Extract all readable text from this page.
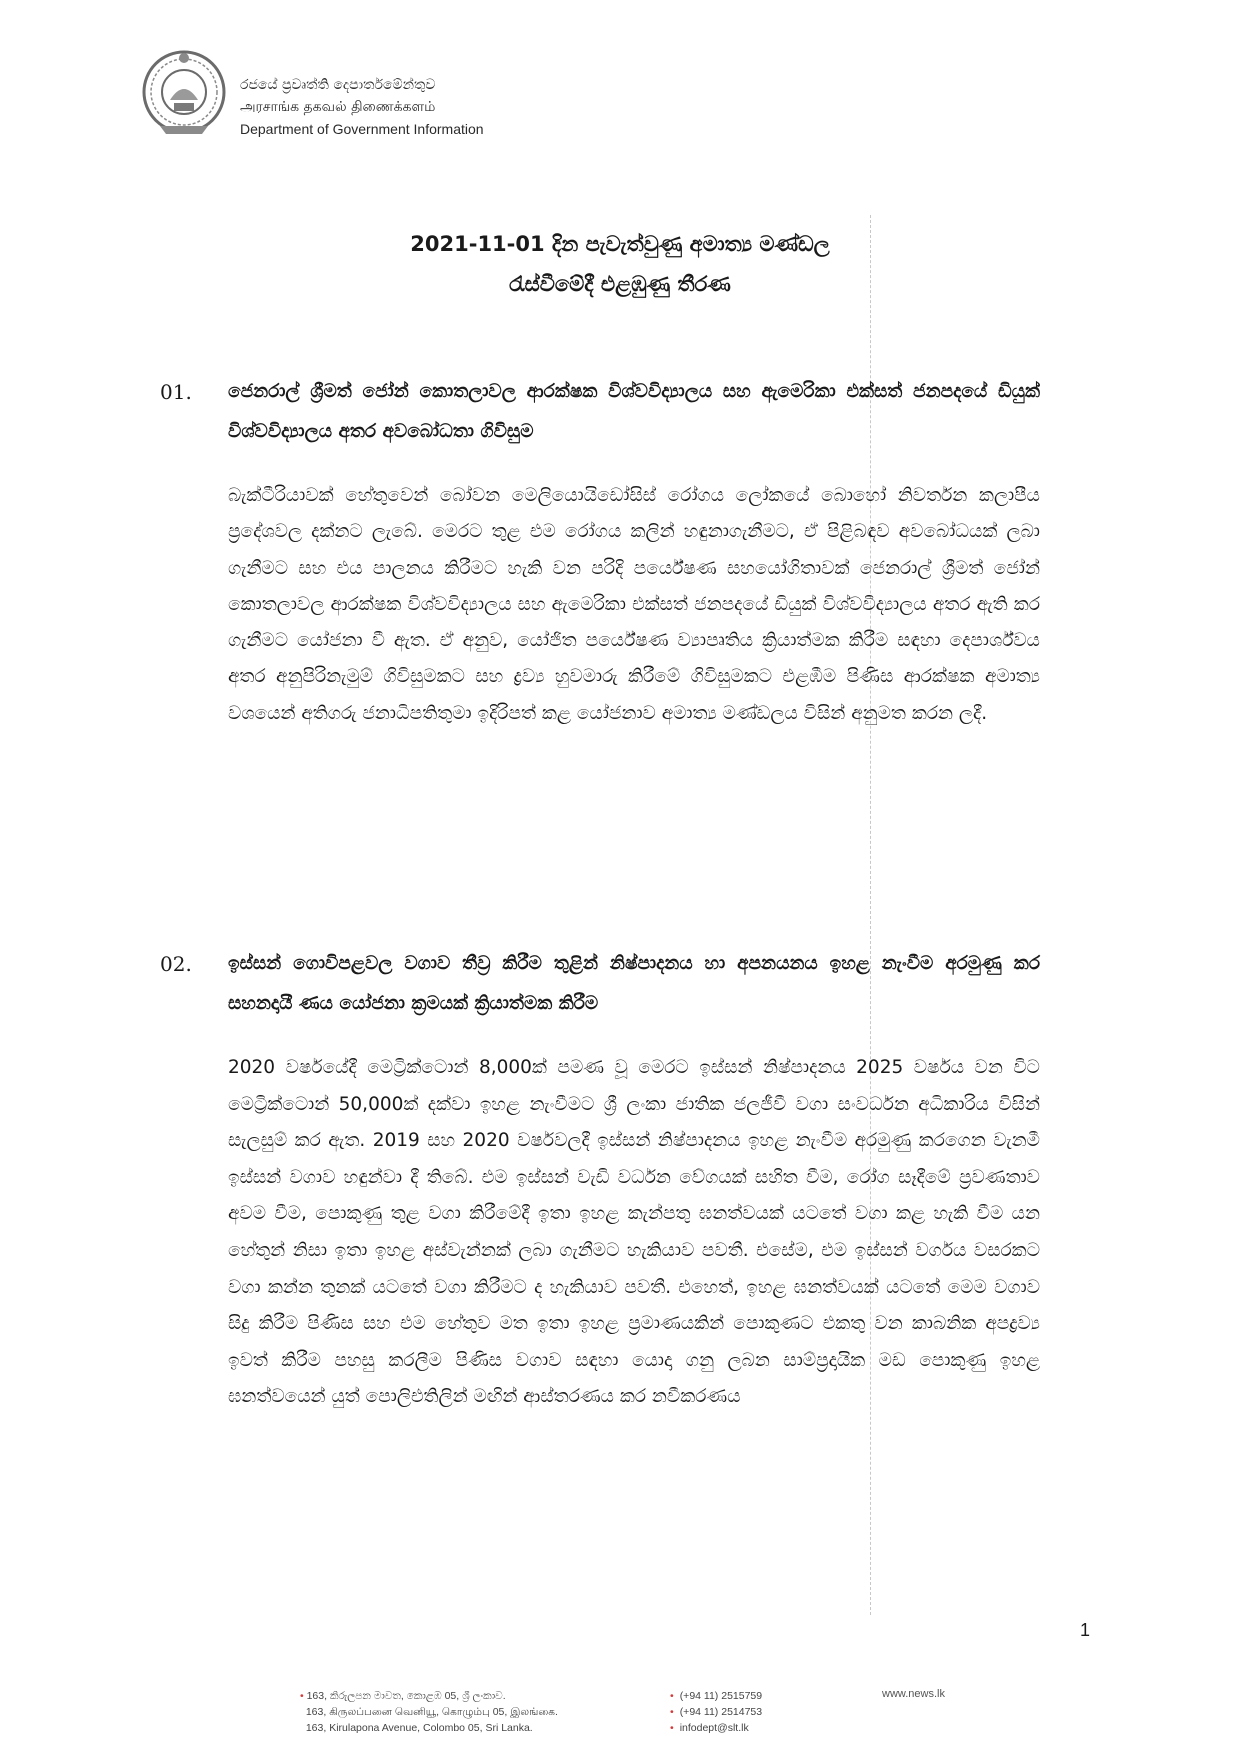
රජයේ ප්‍රවෘත්ති දෙපාර්තමේන්තුව
அரசாங்க தகவல் திணைக்களம்
Department of Government Information
2021-11-01 දින පැවැත්වුණු අමාත්‍ය මණ්ඩල
රැස්වීමේදී එළඹුණු තීරණ
01. ජෙනරාල් ශ්‍රීමත් ජෝන් කොතලාවල ආරක්ෂක විශ්වවිද්‍යාලය සහ ඇමෙරිකා එක්සත් ජනපදයේ ඩියුක් විශ්වවිද්‍යාලය අතර අවබෝධතා ගිවිසුම
බැක්ටීරියාවක් හේතුවෙන් බෝවන මෙලියොයිඩෝසිස් රෝගය ලෝකයේ බොහෝ නිවර්තන කලාපීය ප්‍රදේශවල දක්නට ලැබේ. මෙරට තුළ එම රෝගය කලින් හඳුනාගැනීමට, ඒ පිළිබඳව අවබෝධයක් ලබා ගැනීමට සහ එය පාලනය කිරීමට හැකි වන පරිදි පර්යේෂණ සහයෝගිතාවක් ජෙනරාල් ශ්‍රීමත් ජෝන් කොතලාවල ආරක්ෂක විශ්වවිද්‍යාලය සහ ඇමෙරිකා එක්සත් ජනපදයේ ඩියුක් විශ්වවිද්‍යාලය අතර ඇති කර ගැනීමට යෝජනා වී ඇත. ඒ අනුව, යෝජිත පර්යේෂණ ව්‍යාපෘතිය ක්‍රියාත්මක කිරීම සඳහා දෙපාර්ශ්වය අතර අනුපිරිනැමුම් ගිවිසුමකට සහ ද්‍රව්‍ය හුවමාරු කිරීමේ ගිවිසුමකට එළඹීම පිණිස ආරක්ෂක අමාත්‍ය වශයෙන් අතිගරු ජනාධිපතිතුමා ඉදිරිපත් කළ යෝජනාව අමාත්‍ය මණ්ඩලය විසින් අනුමත කරන ලදී.
02. ඉස්සන් ගොවිපළවල වගාව තීව්‍ර කිරීම තුළින් නිෂ්පාදනය හා අපනයනය ඉහළ නැංවීම අරමුණු කර සහනදායී ණය යෝජනා ක්‍රමයක් ක්‍රියාත්මක කිරීම
2020 වර්ෂයේදී මෙට්‍රික්ටොන් 8,000ක් පමණ වූ මෙරට ඉස්සන් නිෂ්පාදනය 2025 වර්ෂය වන විට මෙට්‍රික්ටොන් 50,000ක් දක්වා ඉහළ නැංවීමට ශ්‍රී ලංකා ජාතික ජලජීවී වගා සංවර්ධන අධිකාරිය විසින් සැලසුම් කර ඇත. 2019 සහ 2020 වර්ෂවලදී ඉස්සන් නිෂ්පාදනය ඉහළ නැංවීම අරමුණු කරගෙන වැනමී ඉස්සන් වගාව හඳුන්වා දී තිබේ. එම ඉස්සන් වැඩි වර්ධන වේගයක් සහිත වීම, රෝග සෑදීමේ ප්‍රවණතාව අවම වීම, පොකුණු තුළ වගා කිරීමේදී ඉතා ඉහළ කැන්පතු ඝනත්වයක් යටතේ වගා කළ හැකි වීම යන හේතුන් නිසා ඉතා ඉහළ අස්වැන්නක් ලබා ගැනීමට හැකියාව පවතී. එසේම, එම ඉස්සන් වර්ගය වසරකට වගා කන්න තුනක් යටතේ වගා කිරීමට ද හැකියාව පවතී. එහෙත්, ඉහළ ඝනත්වයක් යටතේ මෙම වගාව සිදු කිරීම පිණිස සහ එම හේතුව මත ඉතා ඉහළ ප්‍රමාණයකින් පොකුණට එකතු වන කාබනික අපද්‍රව්‍ය ඉවත් කිරීම පහසු කරලීම පිණිස වගාව සඳහා යොදා ගනු ලබන සාම්ප්‍රදායික මඩ පොකුණු ඉහළ ඝනත්වයෙන් යුත් පොලිඑතිලින් මඟින් ආස්තරණය කර නවීකරණය
1
• 163, කිරුලපන මාවත, කොළඹ 05, ශ්‍රී ලංකාව.
163, கிருலப்பனை வெனியூ, கொழும்பு 05, இலங்கை.
163, Kirulapona Avenue, Colombo 05, Sri Lanka.
• (+94 11) 2515759
• (+94 11) 2514753
• infodept@slt.lk
www.news.lk
